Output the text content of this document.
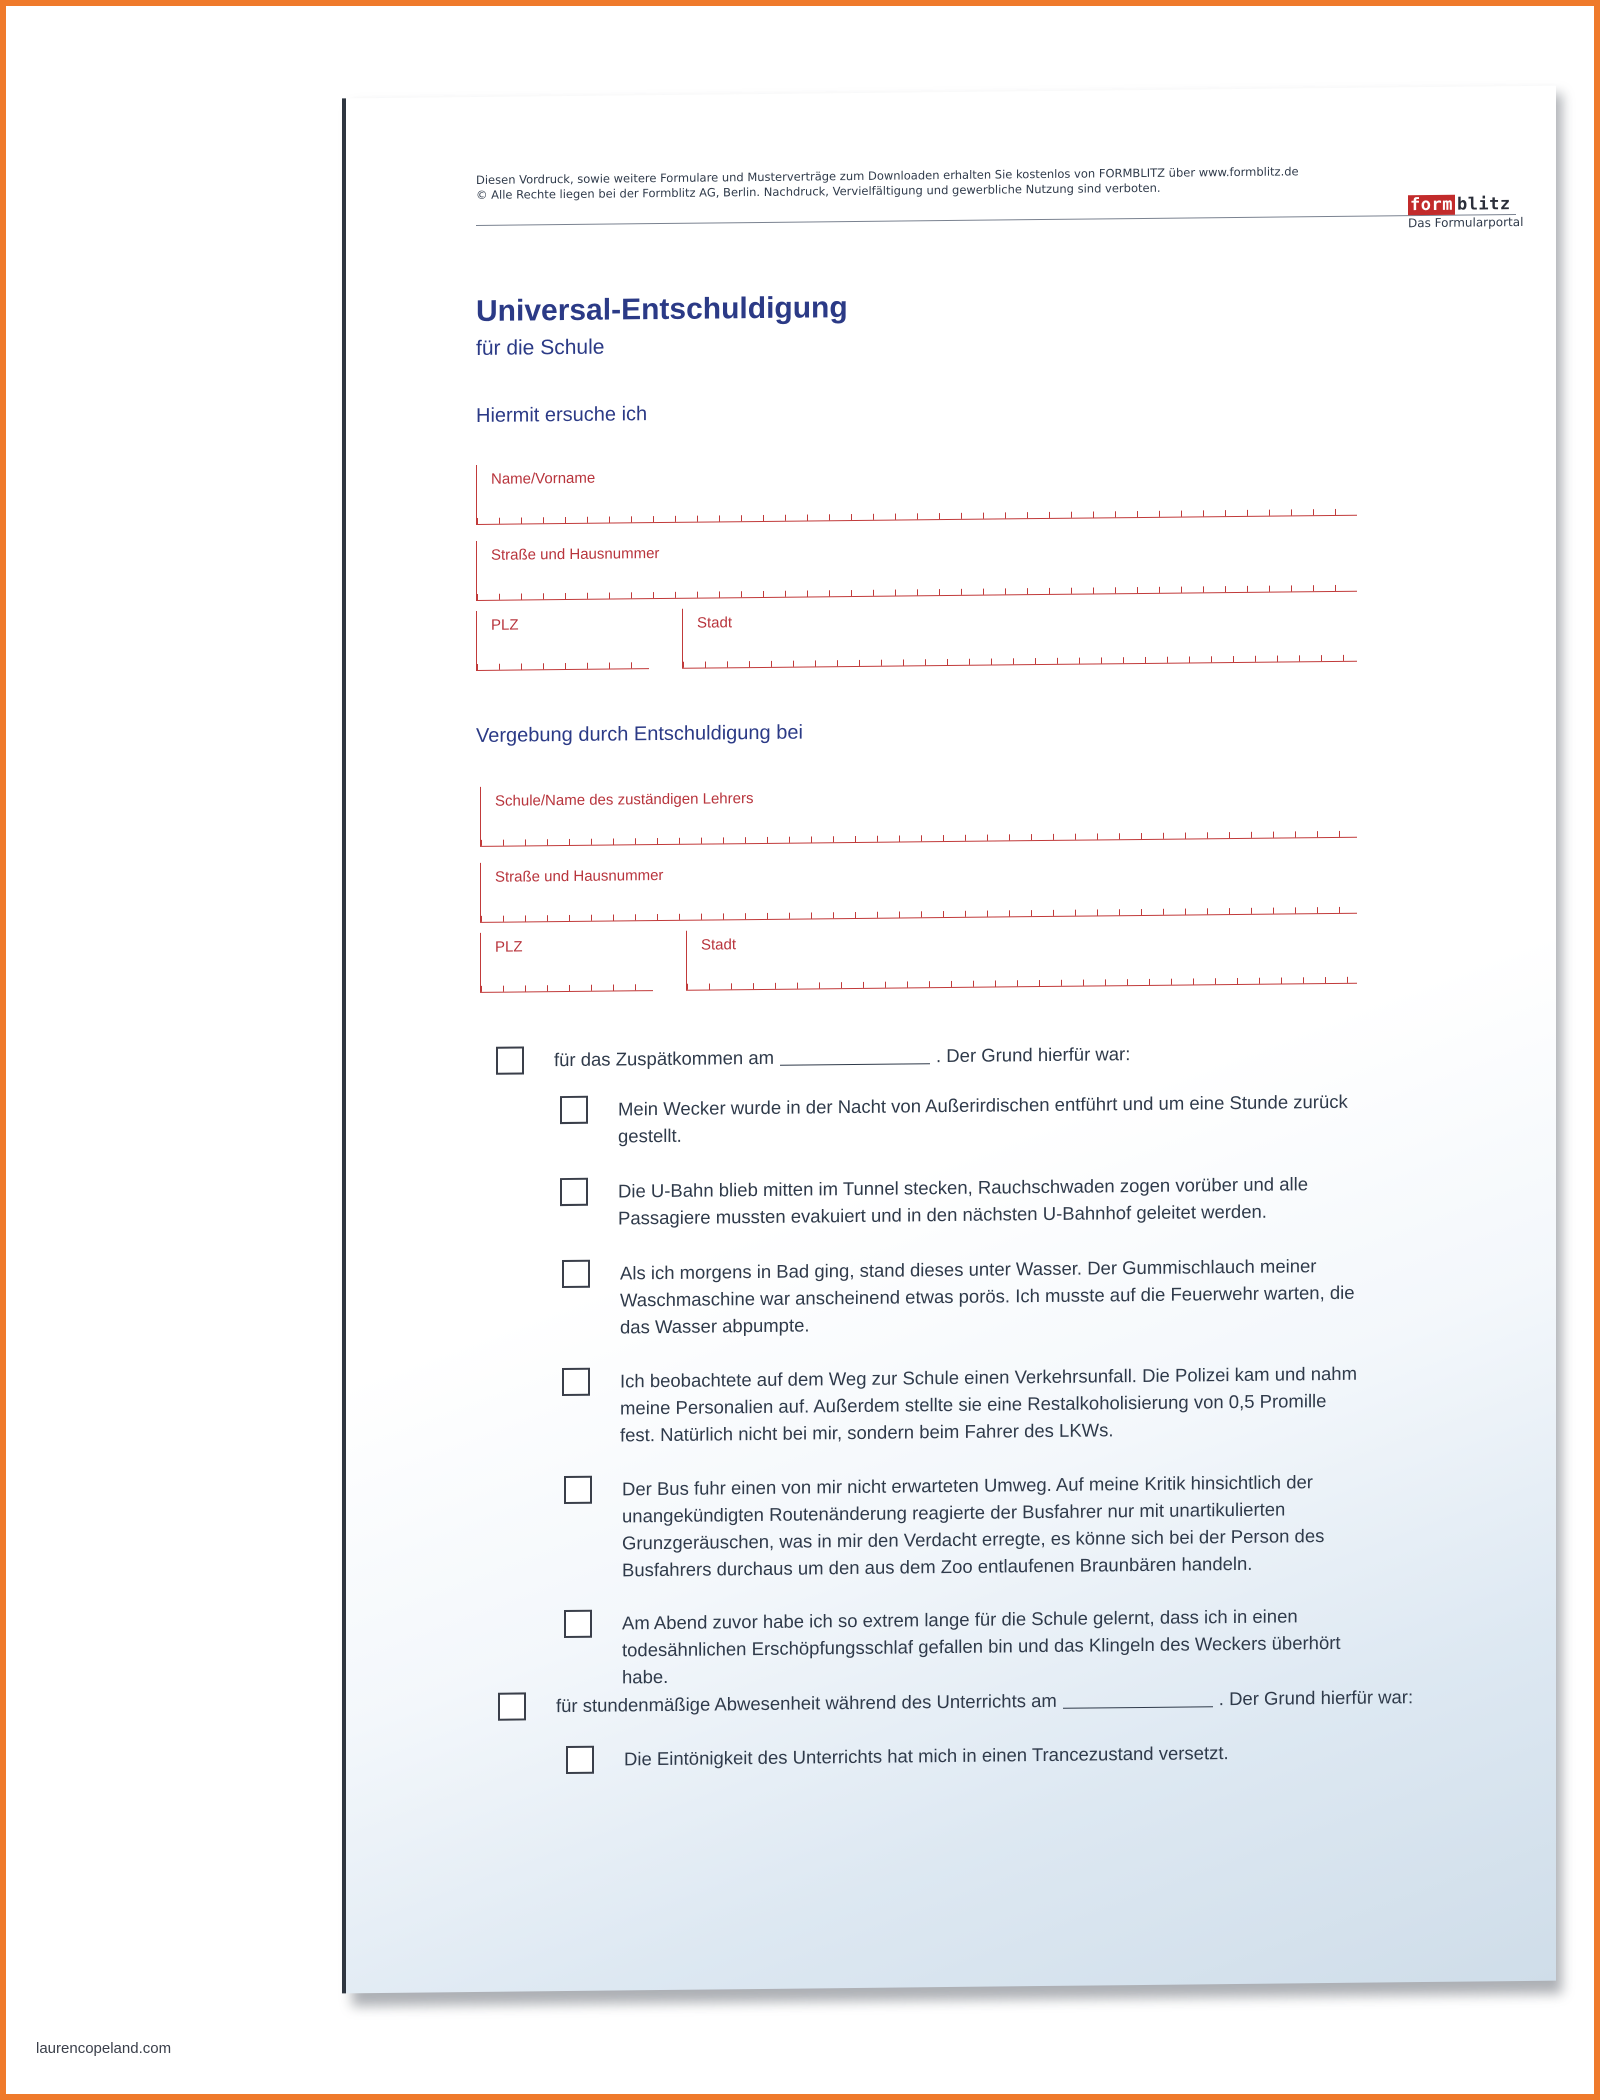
Diesen Vordruck, sowie weitere Formulare und Musterverträge zum Downloaden erhalten Sie kostenlos von FORMBLITZ über www.formblitz.de
© Alle Rechte liegen bei der Formblitz AG, Berlin. Nachdruck, Vervielfältigung und gewerbliche Nutzung sind verboten.
form blitz
Das Formularportal
Universal-Entschuldigung
für die Schule
Hiermit ersuche ich
Name/Vorname
Straße und Hausnummer
PLZ	Stadt
Vergebung durch Entschuldigung bei
Schule/Name des zuständigen Lehrers
Straße und Hausnummer
PLZ	Stadt
für das Zuspätkommen am	. Der Grund hierfür war:
Mein Wecker wurde in der Nacht von Außerirdischen entführt und um eine Stunde zurück gestellt.
Die U-Bahn blieb mitten im Tunnel stecken, Rauchschwaden zogen vorüber und alle Passagiere mussten evakuiert und in den nächsten U-Bahnhof geleitet werden.
Als ich morgens in Bad ging, stand dieses unter Wasser. Der Gummischlauch meiner Waschmaschine war anscheinend etwas porös. Ich musste auf die Feuerwehr warten, die das Wasser abpumpte.
Ich beobachtete auf dem Weg zur Schule einen Verkehrsunfall. Die Polizei kam und nahm meine Personalien auf. Außerdem stellte sie eine Restalkoholisierung von 0,5 Promille fest. Natürlich nicht bei mir, sondern beim Fahrer des LKWs.
Der Bus fuhr einen von mir nicht erwarteten Umweg. Auf meine Kritik hinsichtlich der unangekündigten Routenänderung reagierte der Busfahrer nur mit unartikulierten Grunzgeräuschen, was in mir den Verdacht erregte, es könne sich bei der Person des Busfahrers durchaus um den aus dem Zoo entlaufenen Braunbären handeln.
Am Abend zuvor habe ich so extrem lange für die Schule gelernt, dass ich in einen todesähnlichen Erschöpfungsschlaf gefallen bin und das Klingeln des Weckers überhört habe.
für stundenmäßige Abwesenheit während des Unterrichts am	. Der Grund hierfür war:
Die Eintönigkeit des Unterrichts hat mich in einen Trancezustand versetzt.
laurencopeland.com
